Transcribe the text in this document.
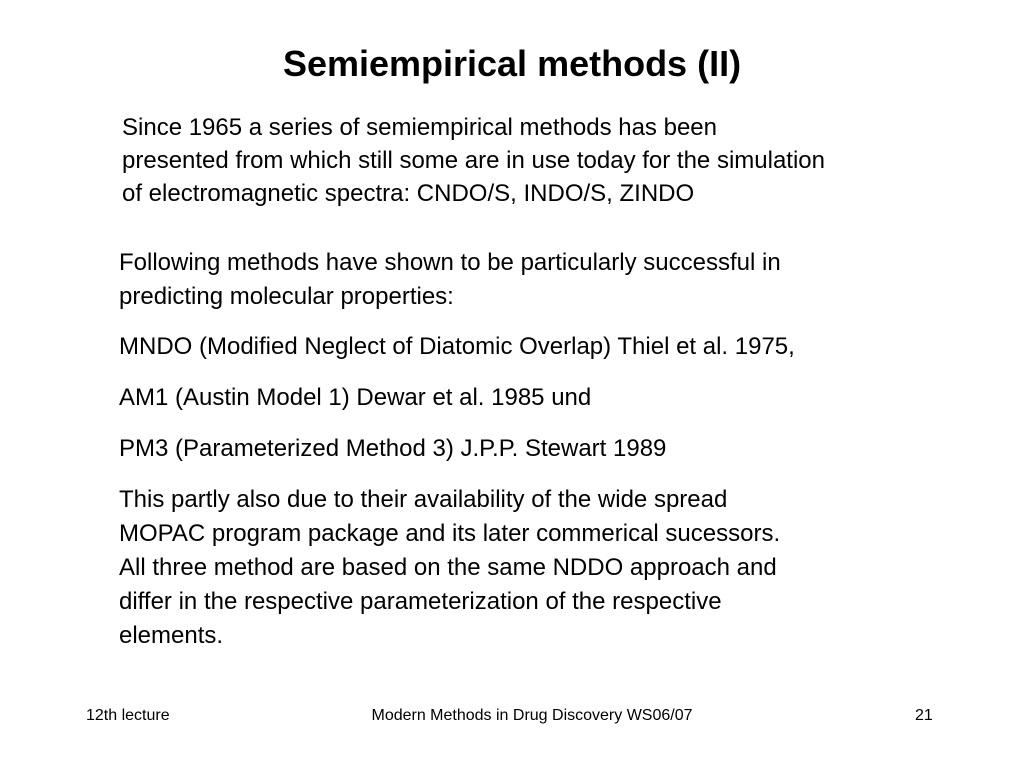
Semiempirical methods (II)
Since 1965 a series of semiempirical methods has been
presented from which still some are in use today for the simulation
of electromagnetic spectra: CNDO/S, INDO/S, ZINDO

Following methods have shown to be particularly successful in
predicting molecular properties:

MNDO (Modified Neglect of Diatomic Overlap) Thiel et al. 1975,

AM1 (Austin Model 1) Dewar et al. 1985 und

PM3 (Parameterized Method 3) J.P.P. Stewart 1989

This partly also due to their availability of the wide spread
MOPAC program package and its later commerical sucessors.
All three method are based on the same NDDO approach and
differ in the respective parameterization of the respective
elements.

12th lecture	Modern Methods in Drug Discovery WS06/07	21
